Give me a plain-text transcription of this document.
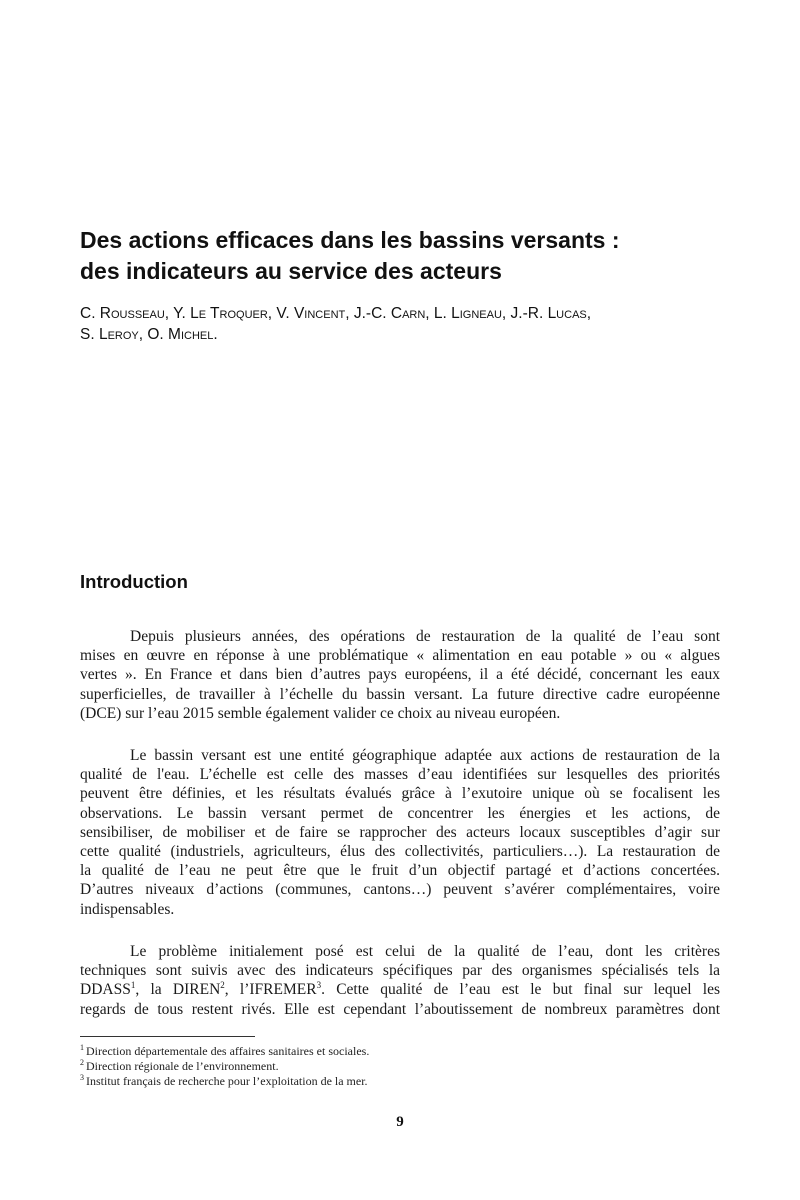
Des actions efficaces dans les bassins versants :
des indicateurs au service des acteurs

C. Rousseau, Y. Le Troquer, V. Vincent, J.-C. Carn, L. Ligneau, J.-R. Lucas,
S. Leroy, O. Michel.

Introduction
Depuis plusieurs années, des opérations de restauration de la qualité de l’eau sont
mises en œuvre en réponse à une problématique « alimentation en eau potable » ou « algues
vertes ». En France et dans bien d’autres pays européens, il a été décidé, concernant les eaux
superficielles, de travailler à l’échelle du bassin versant. La future directive cadre européenne
(DCE) sur l’eau 2015 semble également valider ce choix au niveau européen.
Le bassin versant est une entité géographique adaptée aux actions de restauration de la
qualité de l'eau. L’échelle est celle des masses d’eau identifiées sur lesquelles des priorités
peuvent être définies, et les résultats évalués grâce à l’exutoire unique où se focalisent les
observations. Le bassin versant permet de concentrer les énergies et les actions, de
sensibiliser, de mobiliser et de faire se rapprocher des acteurs locaux susceptibles d’agir sur
cette qualité (industriels, agriculteurs, élus des collectivités, particuliers…). La restauration de
la qualité de l’eau ne peut être que le fruit d’un objectif partagé et d’actions concertées.
D’autres niveaux d’actions (communes, cantons…) peuvent s’avérer complémentaires, voire
indispensables.
Le problème initialement posé est celui de la qualité de l’eau, dont les critères
techniques sont suivis avec des indicateurs spécifiques par des organismes spécialisés tels la
DDASS$^1$, la DIREN$^2$, l’IFREMER$^3$. Cette qualité de l’eau est le but final sur lequel les
regards de tous restent rivés. Elle est cependant l’aboutissement de nombreux paramètres dont
$^1$ Direction départementale des affaires sanitaires et sociales.
$^2$ Direction régionale de l’environnement.
$^3$ Institut français de recherche pour l’exploitation de la mer.

9
